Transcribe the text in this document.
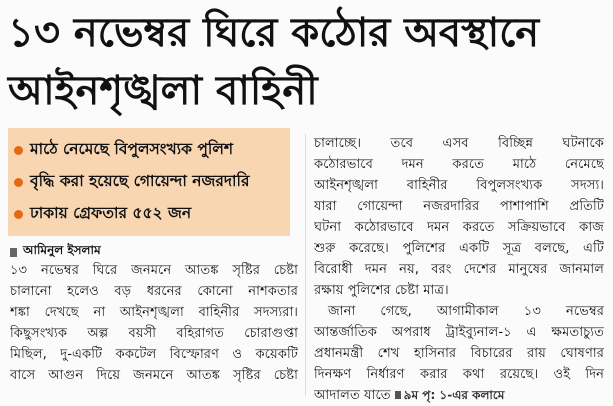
১৩ নভেম্বর ঘিরে কঠোর অবস্থানে
আইনশৃঙ্খলা বাহিনী
মাঠে নেমেছে বিপুলসংখ্যক পুলিশ
বৃদ্ধি করা হয়েছে গোয়েন্দা নজরদারি
ঢাকায় গ্রেফতার ৫৫২ জন
আমিনুল ইসলাম
১৩ নভেম্বর ঘিরে জনমনে আতঙ্ক সৃষ্টির চেষ্টা
চালানো হলেও বড় ধরনের কোনো নাশকতার
শঙ্কা দেখছে না আইনশৃঙ্খলা বাহিনীর সদস্যরা।
কিছুসংখ্যক অল্প বয়সী বহিরাগত চোরাগুপ্তা
মিছিল, দু-একটি ককটেল বিস্ফোরণ ও কয়েকটি
বাসে আগুন দিয়ে জনমনে আতঙ্ক সৃষ্টির চেষ্টা
চালাচ্ছে। তবে এসব বিচ্ছিন্ন ঘটনাকে
কঠোরভাবে দমন করতে মাঠে নেমেছে
আইনশৃঙ্খলা বাহিনীর বিপুলসংখ্যক সদস্য।
যারা গোয়েন্দা নজরদারির পাশাপাশি প্রতিটি
ঘটনা কঠোরভাবে দমন করতে সক্রিয়ভাবে কাজ
শুরু করেছে। পুলিশের একটি সূত্র বলছে, এটি
বিরোধী দমন নয়, বরং দেশের মানুষের জানমাল
রক্ষায় পুলিশের চেষ্টা মাত্র।
জানা গেছে, আগামীকাল ১৩ নভেম্বর
আন্তর্জাতিক অপরাধ ট্রাইব্যুনাল-১ এ ক্ষমতাচ্যুত
প্রধানমন্ত্রী শেখ হাসিনার বিচারের রায় ঘোষণার
দিনক্ষণ নির্ধারণ করার কথা রয়েছে। ওই দিন
আদালত যাতে ৯ম পৃ: ১-এর কলামে
